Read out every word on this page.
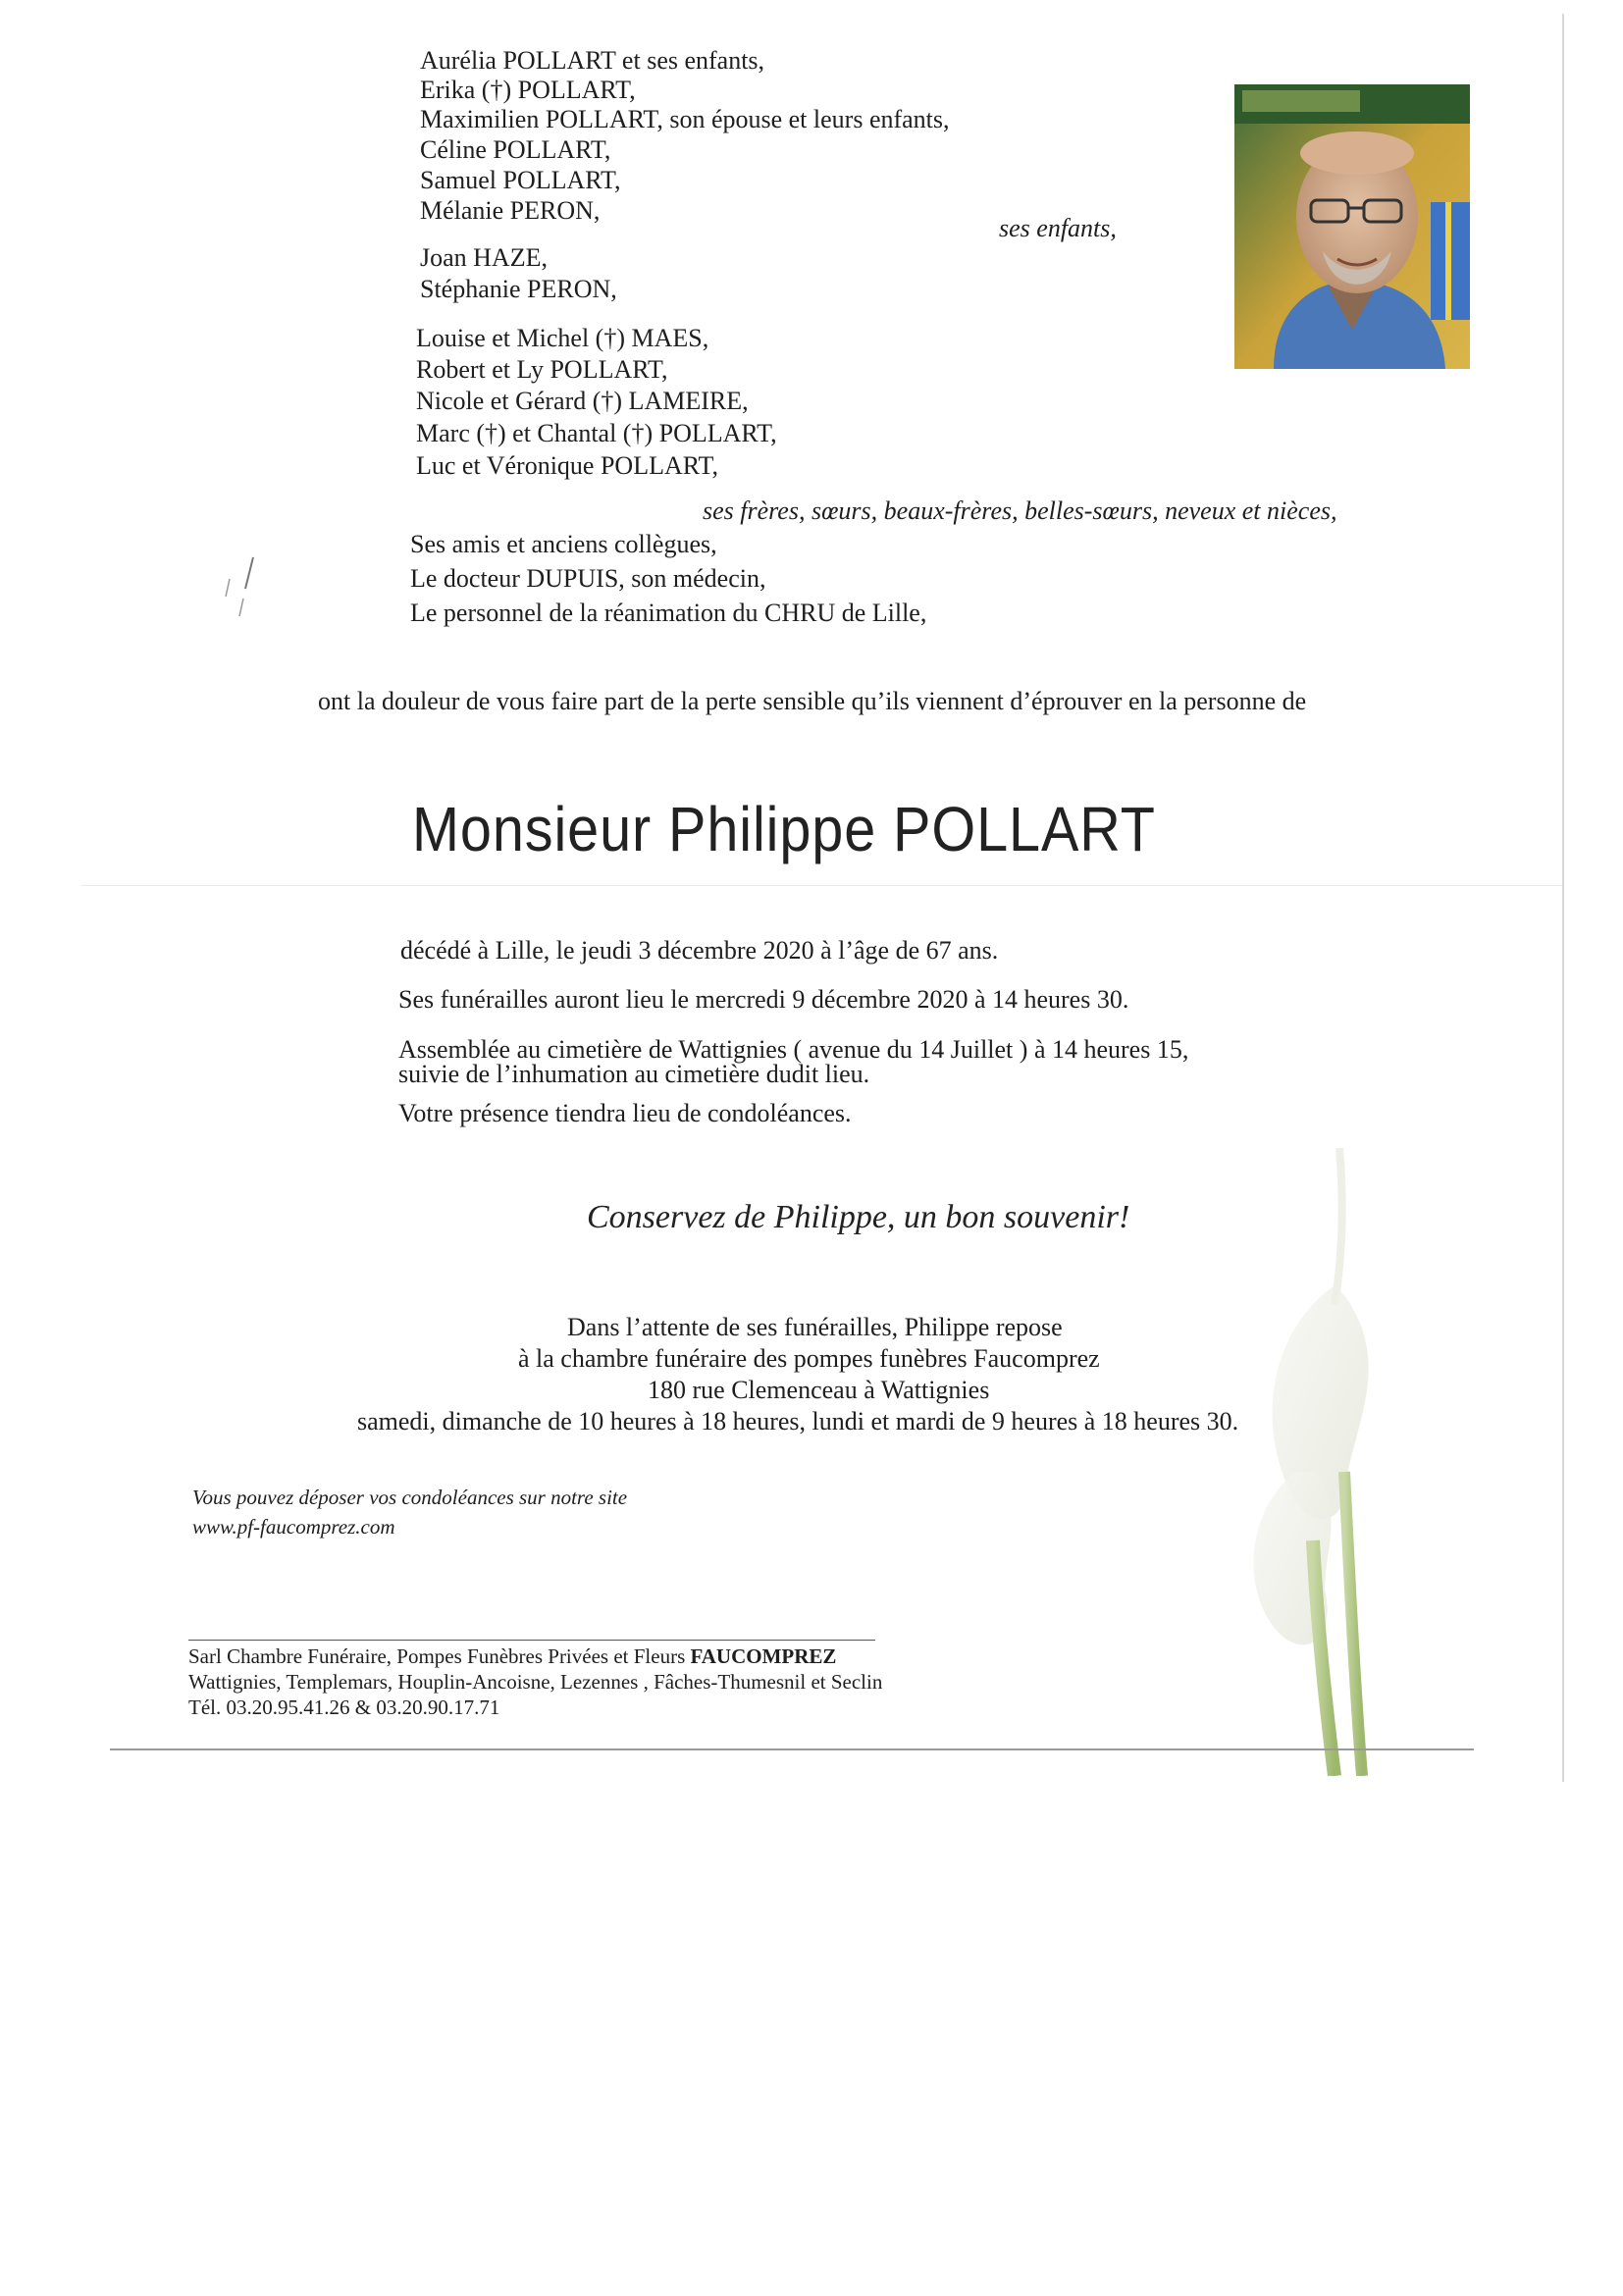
Aurélia POLLART et ses enfants,
Erika (†) POLLART,
Maximilien POLLART, son épouse et leurs enfants,
Céline POLLART,
Samuel POLLART,
Mélanie PERON,
ses enfants,
Joan HAZE,
Stéphanie PERON,
Louise et Michel (†) MAES,
Robert et Ly POLLART,
Nicole et Gérard (†) LAMEIRE,
Marc (†) et Chantal (†) POLLART,
Luc et Véronique POLLART,
ses frères, sœurs, beaux-frères, belles-sœurs, neveux et nièces,
Ses amis et anciens collègues,
Le docteur DUPUIS, son médecin,
Le personnel de la réanimation du CHRU de Lille,
ont la douleur de vous faire part de la perte sensible qu’ils viennent d’éprouver en la personne de
Monsieur Philippe POLLART
décédé à Lille, le jeudi 3 décembre 2020 à l’âge de 67 ans.
Ses funérailles auront lieu le mercredi 9 décembre 2020 à 14 heures 30.
Assemblée au cimetière de Wattignies ( avenue du 14 Juillet ) à 14 heures 15,
suivie de l’inhumation au cimetière dudit lieu.
Votre présence tiendra lieu de condoléances.
Conservez de Philippe, un bon souvenir!
Dans l’attente de ses funérailles, Philippe repose
à la chambre funéraire des pompes funèbres Faucomprez
180 rue Clemenceau à Wattignies
samedi, dimanche de 10 heures à 18 heures, lundi et mardi de 9 heures à 18 heures 30.
Vous pouvez déposer vos condoléances sur notre site
www.pf-faucomprez.com
Sarl Chambre Funéraire, Pompes Funèbres Privées et Fleurs FAUCOMPREZ
Wattignies, Templemars, Houplin-Ancoisne, Lezennes , Fâches-Thumesnil et Seclin
Tél. 03.20.95.41.26 & 03.20.90.17.71
